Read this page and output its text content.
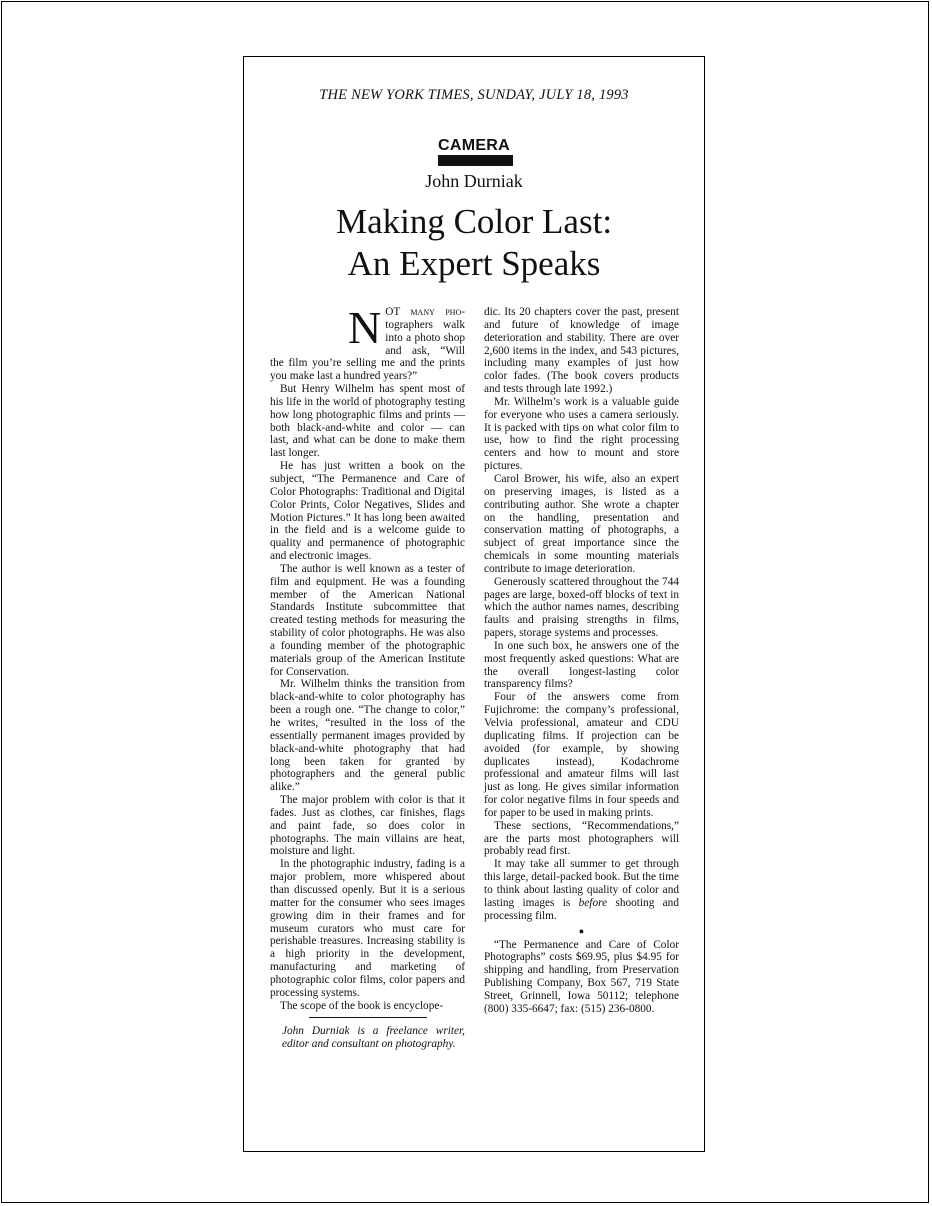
THE NEW YORK TIMES, SUNDAY, JULY 18, 1993
CAMERA
John Durniak
Making Color Last:
An Expert Speaks

N OT many pho- tographers walk into a photo shop and ask, “Will the film you’re selling me and the prints you make last a hundred years?”

But Henry Wilhelm has spent most of his life in the world of photography testing how long photographic films and prints — both black-and-white and color — can last, and what can be done to make them last longer.

He has just written a book on the subject, “The Permanence and Care of Color Photographs: Traditional and Digital Color Prints, Color Negatives, Slides and Motion Pictures.” It has long been awaited in the field and is a welcome guide to quality and permanence of photographic and electronic images.

The author is well known as a tester of film and equipment. He was a founding member of the American National Standards Institute subcommittee that created testing methods for measuring the stability of color photographs. He was also a founding member of the photographic materials group of the American Institute for Conservation.

Mr. Wilhelm thinks the transition from black-and-white to color photography has been a rough one. “The change to color,” he writes, “resulted in the loss of the essentially permanent images provided by black-and-white photography that had long been taken for granted by photographers and the general public alike.”

The major problem with color is that it fades. Just as clothes, car finishes, flags and paint fade, so does color in photographs. The main villains are heat, moisture and light.

In the photographic industry, fading is a major problem, more whispered about than discussed openly. But it is a serious matter for the consumer who sees images growing dim in their frames and for museum curators who must care for perishable treasures. Increasing stability is a high priority in the development, manufacturing and marketing of photographic color films, color papers and processing systems.

The scope of the book is encyclope-

John Durniak is a freelance writer, editor and consultant on photography.

dic. Its 20 chapters cover the past, present and future of knowledge of image deterioration and stability. There are over 2,600 items in the index, and 543 pictures, including many examples of just how color fades. (The book covers products and tests through late 1992.)

Mr. Wilhelm’s work is a valuable guide for everyone who uses a camera seriously. It is packed with tips on what color film to use, how to find the right processing centers and how to mount and store pictures.

Carol Brower, his wife, also an expert on preserving images, is listed as a contributing author. She wrote a chapter on the handling, presentation and conservation matting of photographs, a subject of great importance since the chemicals in some mounting materials contribute to image deterioration.

Generously scattered throughout the 744 pages are large, boxed-off blocks of text in which the author names names, describing faults and praising strengths in films, papers, storage systems and processes.

In one such box, he answers one of the most frequently asked questions: What are the overall longest-lasting color transparency films?

Four of the answers come from Fujichrome: the company’s professional, Velvia professional, amateur and CDU duplicating films. If projection can be avoided (for example, by showing duplicates instead), Kodachrome professional and amateur films will last just as long. He gives similar information for color negative films in four speeds and for paper to be used in making prints.

These sections, “Recommendations,” are the parts most photographers will probably read first.

It may take all summer to get through this large, detail-packed book. But the time to think about lasting quality of color and lasting images is before shooting and processing film.

●

“The Permanence and Care of Color Photographs” costs $69.95, plus $4.95 for shipping and handling, from Preservation Publishing Company, Box 567, 719 State Street, Grinnell, Iowa 50112; telephone (800) 335-6647; fax: (515) 236-0800.
